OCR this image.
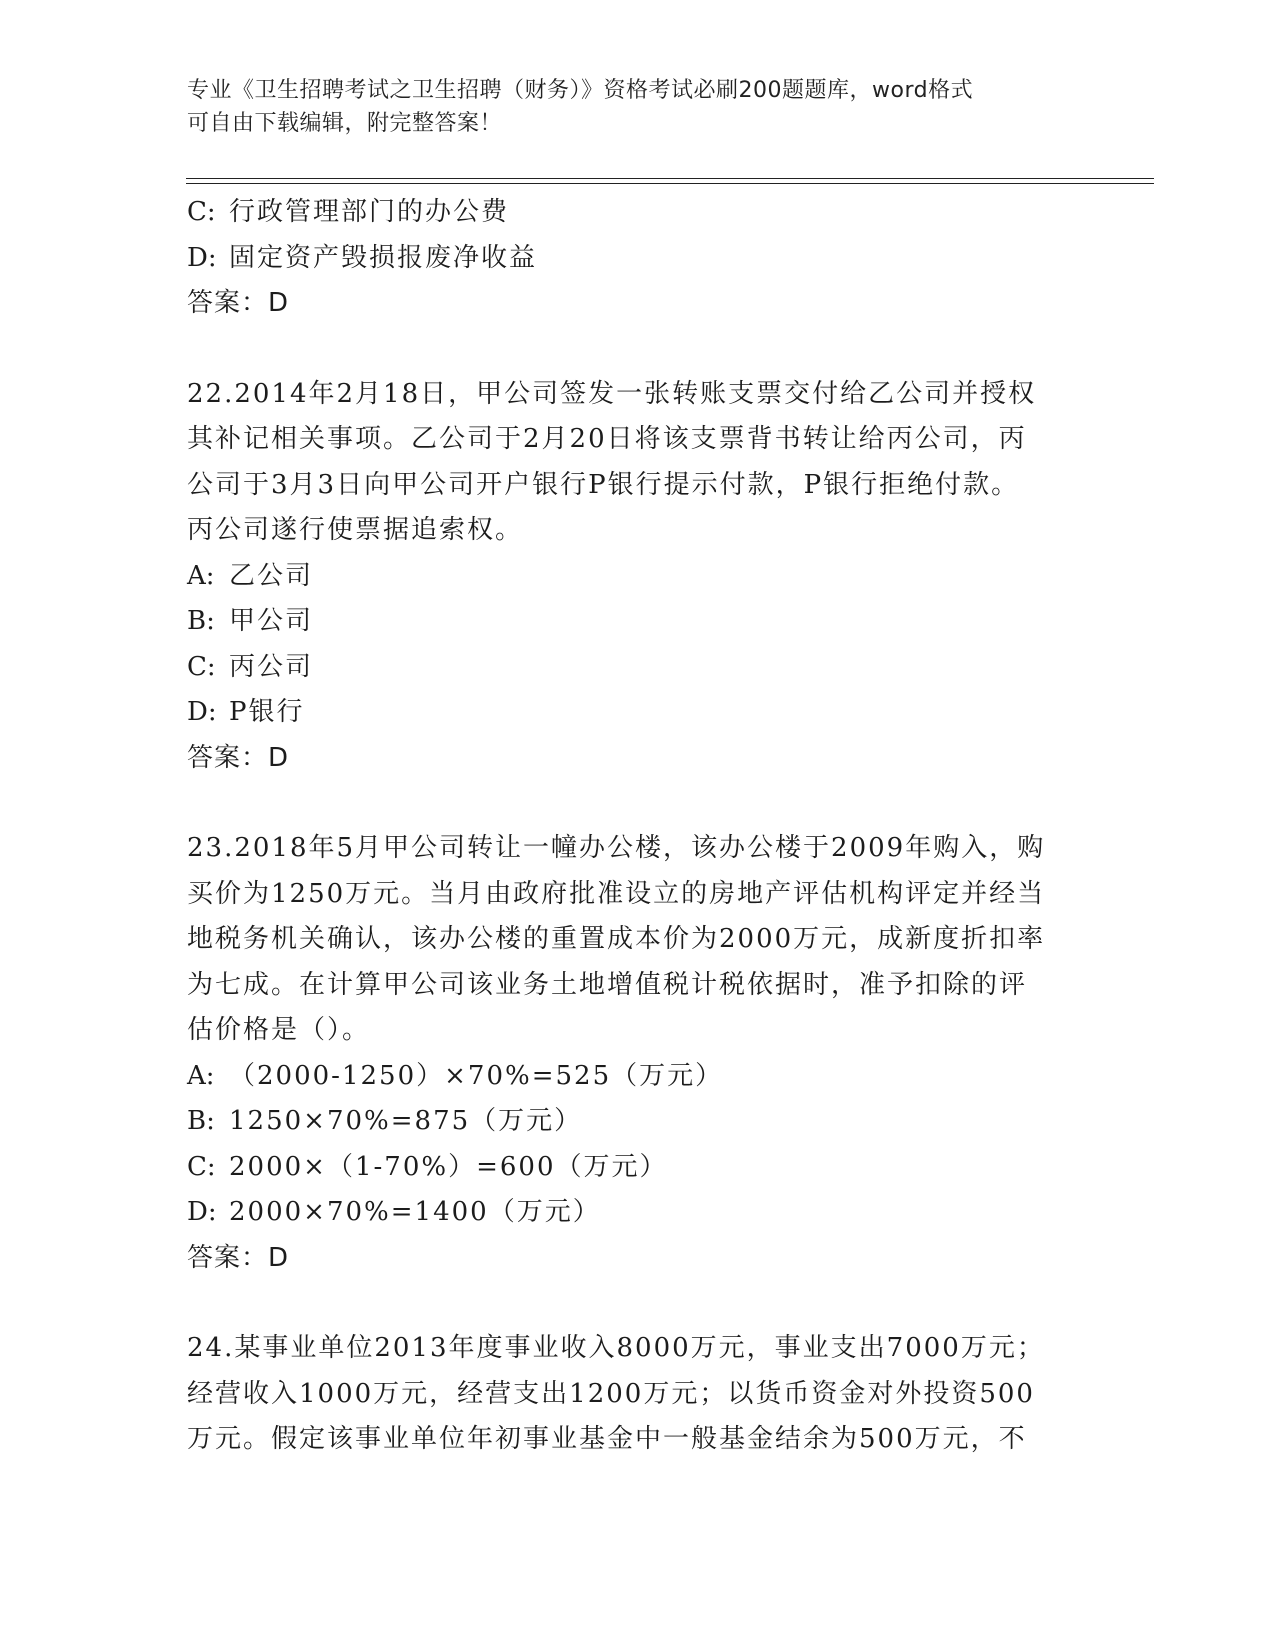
专业《卫生招聘考试之卫生招聘（财务）》资格考试必刷200题题库，word格式
可自由下载编辑，附完整答案！
C: 行政管理部门的办公费
D: 固定资产毁损报废净收益
答案：D
22.2014年2月18日，甲公司签发一张转账支票交付给乙公司并授权
其补记相关事项。乙公司于2月20日将该支票背书转让给丙公司，丙
公司于3月3日向甲公司开户银行P银行提示付款，P银行拒绝付款。
丙公司遂行使票据追索权。
A: 乙公司
B: 甲公司
C: 丙公司
D: P银行
答案：D
23.2018年5月甲公司转让一幢办公楼，该办公楼于2009年购入，购
买价为1250万元。当月由政府批准设立的房地产评估机构评定并经当
地税务机关确认，该办公楼的重置成本价为2000万元，成新度折扣率
为七成。在计算甲公司该业务土地增值税计税依据时，准予扣除的评
估价格是（）。
A: （2000-1250）×70%=525（万元）
B: 1250×70%=875（万元）
C: 2000×（1-70%）=600（万元）
D: 2000×70%=1400（万元）
答案：D
24.某事业单位2013年度事业收入8000万元，事业支出7000万元；
经营收入1000万元，经营支出1200万元；以货币资金对外投资500
万元。假定该事业单位年初事业基金中一般基金结余为500万元，不
